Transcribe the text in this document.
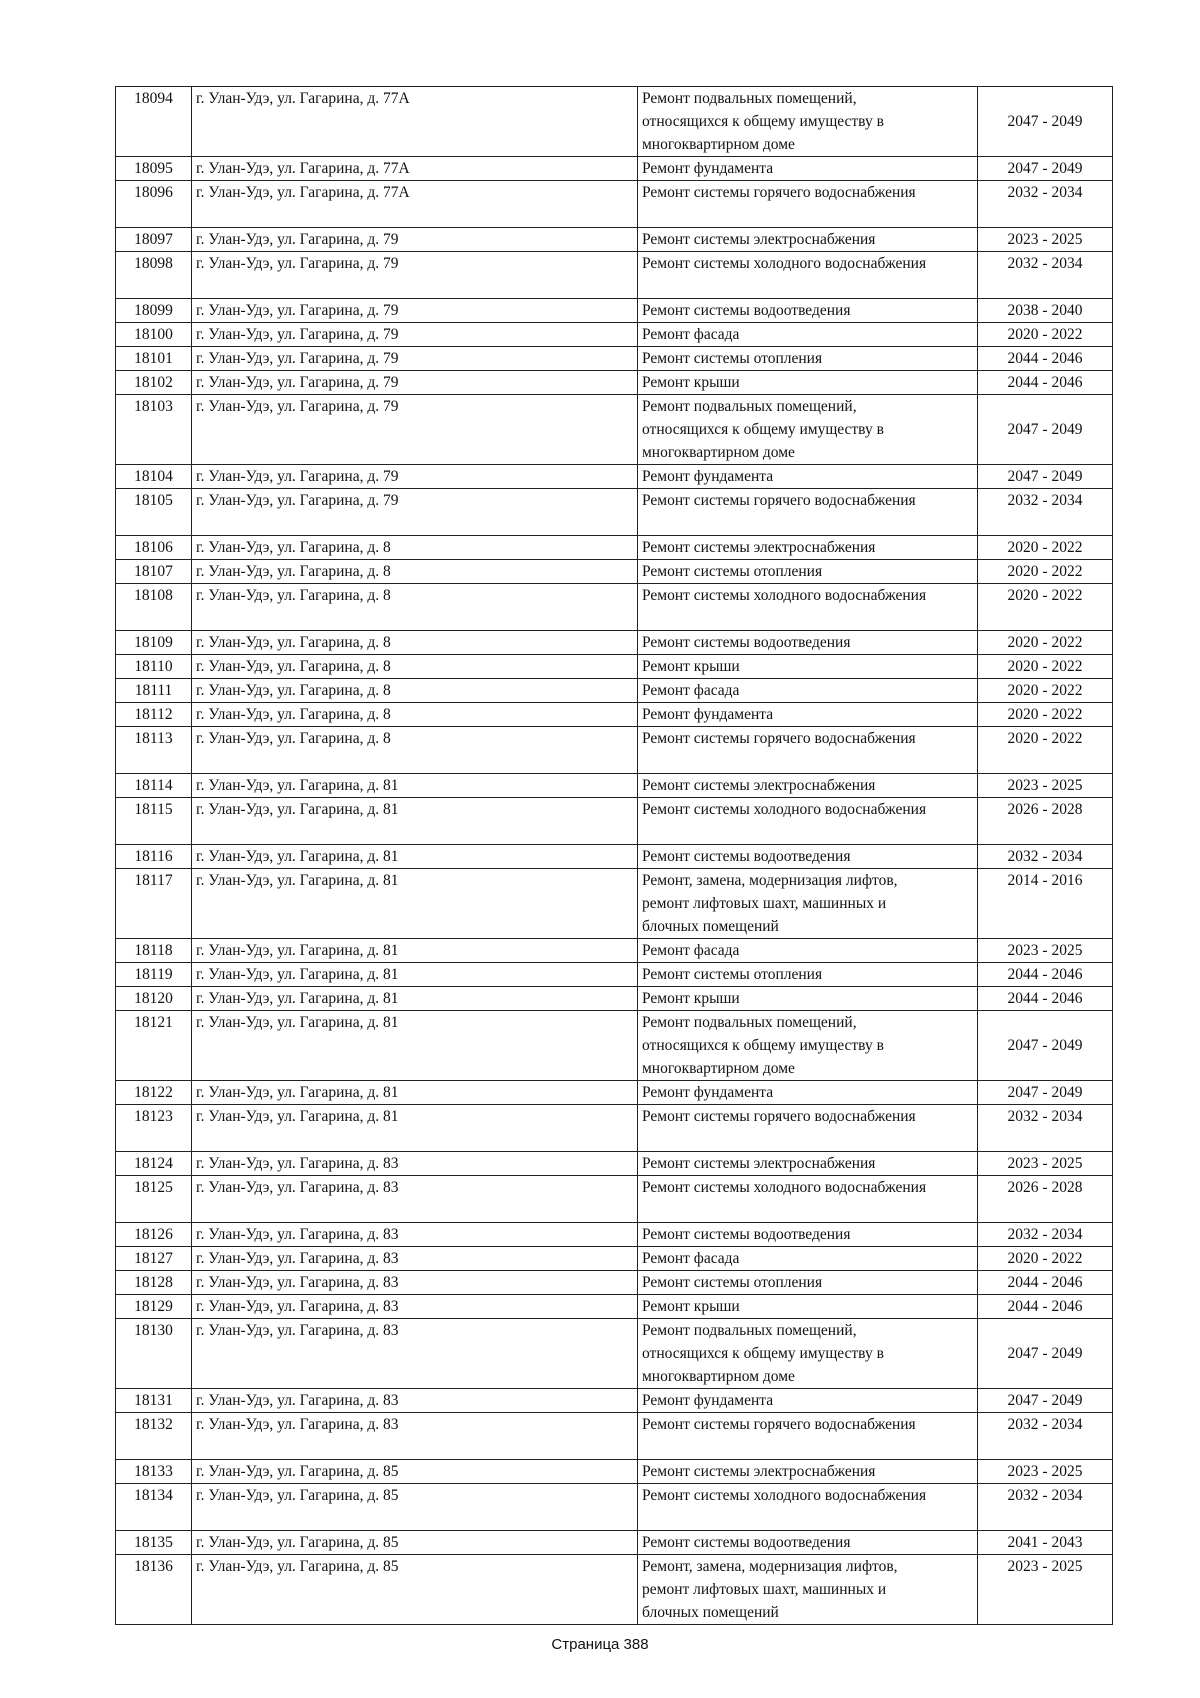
18094	г. Улан-Удэ, ул. Гагарина, д. 77А	Ремонт подвальных помещений,
относящихся к общему имуществу в
многоквартирном доме	2047 - 2049
18095	г. Улан-Удэ, ул. Гагарина, д. 77А	Ремонт фундамента	2047 - 2049
18096	г. Улан-Удэ, ул. Гагарина, д. 77А	Ремонт системы горячего водоснабжения	2032 - 2034
18097	г. Улан-Удэ, ул. Гагарина, д. 79	Ремонт системы электроснабжения	2023 - 2025
18098	г. Улан-Удэ, ул. Гагарина, д. 79	Ремонт системы холодного водоснабжения	2032 - 2034
18099	г. Улан-Удэ, ул. Гагарина, д. 79	Ремонт системы водоотведения	2038 - 2040
18100	г. Улан-Удэ, ул. Гагарина, д. 79	Ремонт фасада	2020 - 2022
18101	г. Улан-Удэ, ул. Гагарина, д. 79	Ремонт системы отопления	2044 - 2046
18102	г. Улан-Удэ, ул. Гагарина, д. 79	Ремонт крыши	2044 - 2046
18103	г. Улан-Удэ, ул. Гагарина, д. 79	Ремонт подвальных помещений,
относящихся к общему имуществу в
многоквартирном доме	2047 - 2049
18104	г. Улан-Удэ, ул. Гагарина, д. 79	Ремонт фундамента	2047 - 2049
18105	г. Улан-Удэ, ул. Гагарина, д. 79	Ремонт системы горячего водоснабжения	2032 - 2034
18106	г. Улан-Удэ, ул. Гагарина, д. 8	Ремонт системы электроснабжения	2020 - 2022
18107	г. Улан-Удэ, ул. Гагарина, д. 8	Ремонт системы отопления	2020 - 2022
18108	г. Улан-Удэ, ул. Гагарина, д. 8	Ремонт системы холодного водоснабжения	2020 - 2022
18109	г. Улан-Удэ, ул. Гагарина, д. 8	Ремонт системы водоотведения	2020 - 2022
18110	г. Улан-Удэ, ул. Гагарина, д. 8	Ремонт крыши	2020 - 2022
18111	г. Улан-Удэ, ул. Гагарина, д. 8	Ремонт фасада	2020 - 2022
18112	г. Улан-Удэ, ул. Гагарина, д. 8	Ремонт фундамента	2020 - 2022
18113	г. Улан-Удэ, ул. Гагарина, д. 8	Ремонт системы горячего водоснабжения	2020 - 2022
18114	г. Улан-Удэ, ул. Гагарина, д. 81	Ремонт системы электроснабжения	2023 - 2025
18115	г. Улан-Удэ, ул. Гагарина, д. 81	Ремонт системы холодного водоснабжения	2026 - 2028
18116	г. Улан-Удэ, ул. Гагарина, д. 81	Ремонт системы водоотведения	2032 - 2034
18117	г. Улан-Удэ, ул. Гагарина, д. 81	Ремонт, замена, модернизация лифтов,
ремонт лифтовых шахт, машинных и
блочных помещений	2014 - 2016
18118	г. Улан-Удэ, ул. Гагарина, д. 81	Ремонт фасада	2023 - 2025
18119	г. Улан-Удэ, ул. Гагарина, д. 81	Ремонт системы отопления	2044 - 2046
18120	г. Улан-Удэ, ул. Гагарина, д. 81	Ремонт крыши	2044 - 2046
18121	г. Улан-Удэ, ул. Гагарина, д. 81	Ремонт подвальных помещений,
относящихся к общему имуществу в
многоквартирном доме	2047 - 2049
18122	г. Улан-Удэ, ул. Гагарина, д. 81	Ремонт фундамента	2047 - 2049
18123	г. Улан-Удэ, ул. Гагарина, д. 81	Ремонт системы горячего водоснабжения	2032 - 2034
18124	г. Улан-Удэ, ул. Гагарина, д. 83	Ремонт системы электроснабжения	2023 - 2025
18125	г. Улан-Удэ, ул. Гагарина, д. 83	Ремонт системы холодного водоснабжения	2026 - 2028
18126	г. Улан-Удэ, ул. Гагарина, д. 83	Ремонт системы водоотведения	2032 - 2034
18127	г. Улан-Удэ, ул. Гагарина, д. 83	Ремонт фасада	2020 - 2022
18128	г. Улан-Удэ, ул. Гагарина, д. 83	Ремонт системы отопления	2044 - 2046
18129	г. Улан-Удэ, ул. Гагарина, д. 83	Ремонт крыши	2044 - 2046
18130	г. Улан-Удэ, ул. Гагарина, д. 83	Ремонт подвальных помещений,
относящихся к общему имуществу в
многоквартирном доме	2047 - 2049
18131	г. Улан-Удэ, ул. Гагарина, д. 83	Ремонт фундамента	2047 - 2049
18132	г. Улан-Удэ, ул. Гагарина, д. 83	Ремонт системы горячего водоснабжения	2032 - 2034
18133	г. Улан-Удэ, ул. Гагарина, д. 85	Ремонт системы электроснабжения	2023 - 2025
18134	г. Улан-Удэ, ул. Гагарина, д. 85	Ремонт системы холодного водоснабжения	2032 - 2034
18135	г. Улан-Удэ, ул. Гагарина, д. 85	Ремонт системы водоотведения	2041 - 2043
18136	г. Улан-Удэ, ул. Гагарина, д. 85	Ремонт, замена, модернизация лифтов,
ремонт лифтовых шахт, машинных и
блочных помещений	2023 - 2025
Страница 388
